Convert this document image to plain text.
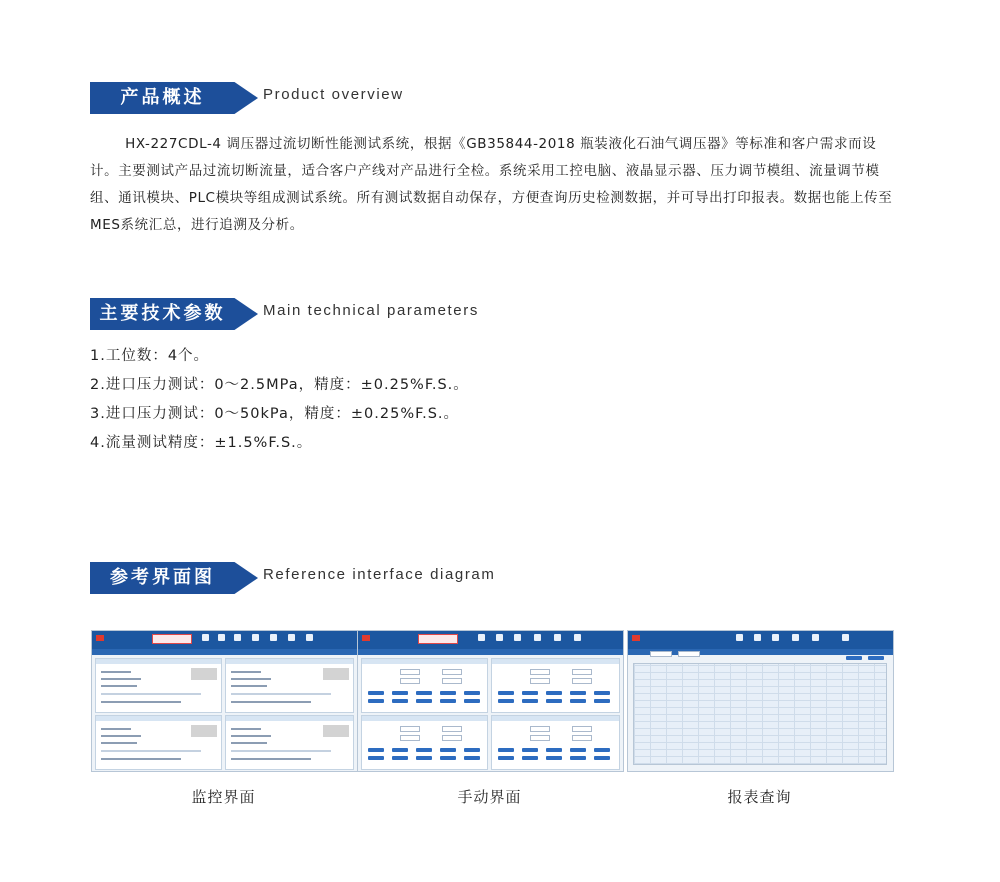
产品概述	Product overview

HX-227CDL-4 调压器过流切断性能测试系统，根据《GB35844-2018 瓶装液化石油气调压器》等标准和客户需求而设计。主要测试产品过流切断流量，适合客户产线对产品进行全检。系统采用工控电脑、液晶显示器、压力调节模组、流量调节模组、通讯模块、PLC模块等组成测试系统。所有测试数据自动保存，方便查询历史检测数据，并可导出打印报表。数据也能上传至MES系统汇总，进行追溯及分析。

主要技术参数	Main technical parameters
1.工位数：4个。
2.进口压力测试：0～2.5MPa，精度：±0.25%F.S.。
3.进口压力测试：0～50kPa，精度：±0.25%F.S.。
4.流量测试精度：±1.5%F.S.。
参考界面图	Reference interface diagram
监控界面	手动界面	报表查询
